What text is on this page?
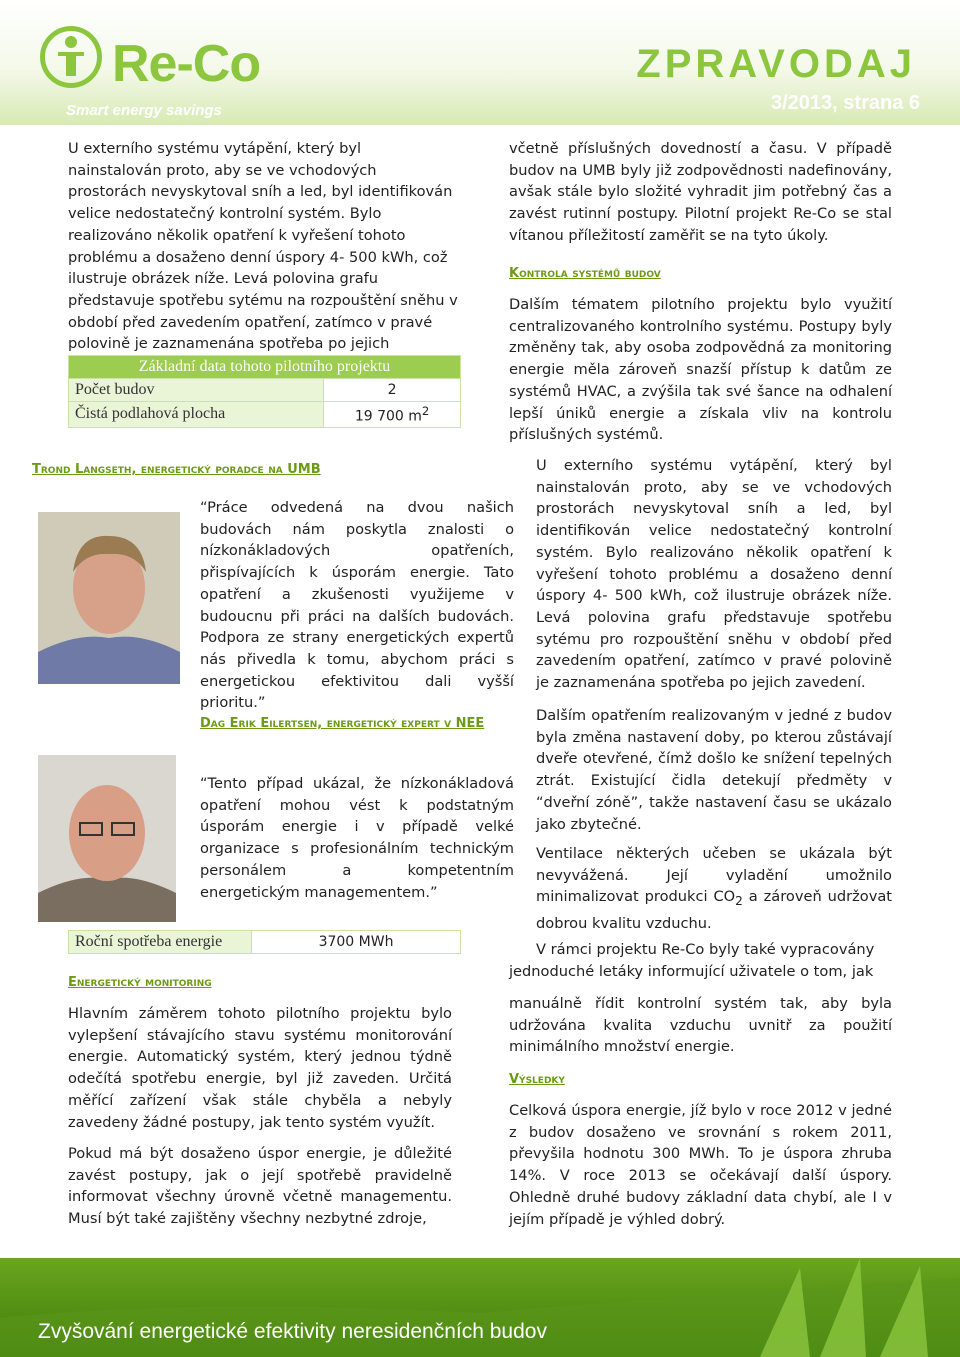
Re-Co
Smart energy savings
ZPRAVODAJ
3/2013, strana 6
U externího systému vytápění, který byl nainstalován proto, aby se ve vchodových prostorách nevyskytoval sníh a led, byl identifikován velice nedostatečný kontrolní systém. Bylo realizováno několik opatření k vyřešení tohoto problému a dosaženo denní úspory 4- 500 kWh, což ilustruje obrázek níže. Levá polovina grafu představuje spotřebu sytému na rozpouštění sněhu v období před zavedením opatření, zatímco v pravé polovině je zaznamenána spotřeba po jejich
Základní data tohoto pilotního projektu	
Počet budov	2
Čistá podlahová plocha	19 700 $m^2$
Trond Langseth, energetický poradce na UMB
“Práce odvedená na dvou našich budovách nám poskytla znalosti o nízkonákladových opatřeních, přispívajících k úsporám energie. Tato opatření a zkušenosti využijeme v budoucnu při práci na dalších budovách. Podpora ze strany energetických expertů nás přivedla k tomu, abychom práci s energetickou efektivitou dali vyšší prioritu.”
Dag Erik Eilertsen, energetický expert v NEE
“Tento případ ukázal, že nízkonákladová opatření mohou vést k podstatným úsporám energie i v případě velké organizace s profesionálním technickým personálem a kompetentním energetickým managementem.”
Roční spotřeba energie	3700 MWh
Energetický monitoring
Hlavním záměrem tohoto pilotního projektu bylo vylepšení stávajícího stavu systému monitorování energie. Automatický systém, který jednou týdně odečítá spotřebu energie, byl již zaveden. Určitá měřící zařízení však stále chyběla a nebyly zavedeny žádné postupy, jak tento systém využít.
Pokud má být dosaženo úspor energie, je důležité zavést postupy, jak o její spotřebě pravidelně informovat všechny úrovně včetně managementu. Musí být také zajištěny všechny nezbytné zdroje,
včetně příslušných dovedností a času. V případě budov na UMB byly již zodpovědnosti nadefinovány, avšak stále bylo složité vyhradit jim potřebný čas a zavést rutinní postupy. Pilotní projekt Re-Co se stal vítanou příležitostí zaměřit se na tyto úkoly.
Kontrola systémů budov
Dalším tématem pilotního projektu bylo využití centralizovaného kontrolního systému. Postupy byly změněny tak, aby osoba zodpovědná za monitoring energie měla zároveň snazší přístup k datům ze systémů HVAC, a zvýšila tak své šance na odhalení lepší úniků energie a získala vliv na kontrolu příslušných systémů.
U externího systému vytápění, který byl nainstalován proto, aby se ve vchodových prostorách nevyskytoval sníh a led, byl identifikován velice nedostatečný kontrolní systém. Bylo realizováno několik opatření k vyřešení tohoto problému a dosaženo denní úspory 4- 500 kWh, což ilustruje obrázek níže. Levá polovina grafu představuje spotřebu sytému pro rozpouštění sněhu v období před zavedením opatření, zatímco v pravé polovině je zaznamenána spotřeba po jejich zavedení.
Dalším opatřením realizovaným v jedné z budov byla změna nastavení doby, po kterou zůstávají dveře otevřené, čímž došlo ke snížení tepelných ztrát. Existující čidla detekují předměty v “dveřní zóně”, takže nastavení času se ukázalo jako zbytečné.
Ventilace některých učeben se ukázala být nevyvážená. Její vyladění umožnilo minimalizovat produkci $CO_2$ a zároveň udržovat dobrou kvalitu vzduchu.
V rámci projektu Re-Co byly také vypracovány jednoduché letáky informující uživatele o tom, jak
manuálně řídit kontrolní systém tak, aby byla udržována kvalita vzduchu uvnitř za použití minimálního množství energie.
Výsledky
Celková úspora energie, jíž bylo v roce 2012 v jedné z budov dosaženo ve srovnání s rokem 2011, převyšila hodnotu 300 MWh. To je úspora zhruba 14%. V roce 2013 se očekávají další úspory. Ohledně druhé budovy základní data chybí, ale I v jejím případě je výhled dobrý.
Zvyšování energetické efektivity neresidenčních budov
